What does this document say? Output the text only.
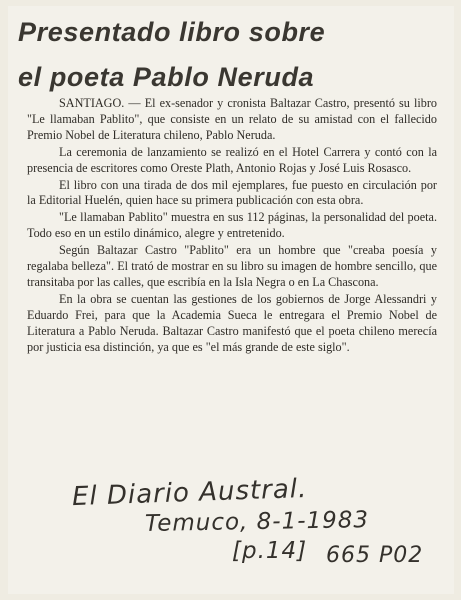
Presentado libro sobre
el poeta Pablo Neruda

SANTIAGO. — El ex-senador y cronista Baltazar Castro, presentó su libro "Le llamaban Pablito", que consiste en un relato de su amistad con el fallecido Premio Nobel de Literatura chileno, Pablo Neruda.

La ceremonia de lanzamiento se realizó en el Hotel Carrera y contó con la presencia de escritores como Oreste Plath, Antonio Rojas y José Luis Rosasco.

El libro con una tirada de dos mil ejemplares, fue puesto en circulación por la Editorial Huelén, quien hace su primera publicación con esta obra.

"Le llamaban Pablito" muestra en sus 112 páginas, la personalidad del poeta. Todo eso en un estilo dinámico, alegre y entretenido.

Según Baltazar Castro "Pablito" era un hombre que "creaba poesía y regalaba belleza". El trató de mostrar en su libro su imagen de hombre sencillo, que transitaba por las calles, que escribía en la Isla Negra o en La Chascona.

En la obra se cuentan las gestiones de los gobiernos de Jorge Alessandri y Eduardo Frei, para que la Academia Sueca le entregara el Premio Nobel de Literatura a Pablo Neruda. Baltazar Castro manifestó que el poeta chileno merecía por justicia esa distinción, ya que es "el más grande de este siglo".

El Diario Austral.
Temuco, 8-1-1983
[p.14] 665 P02
